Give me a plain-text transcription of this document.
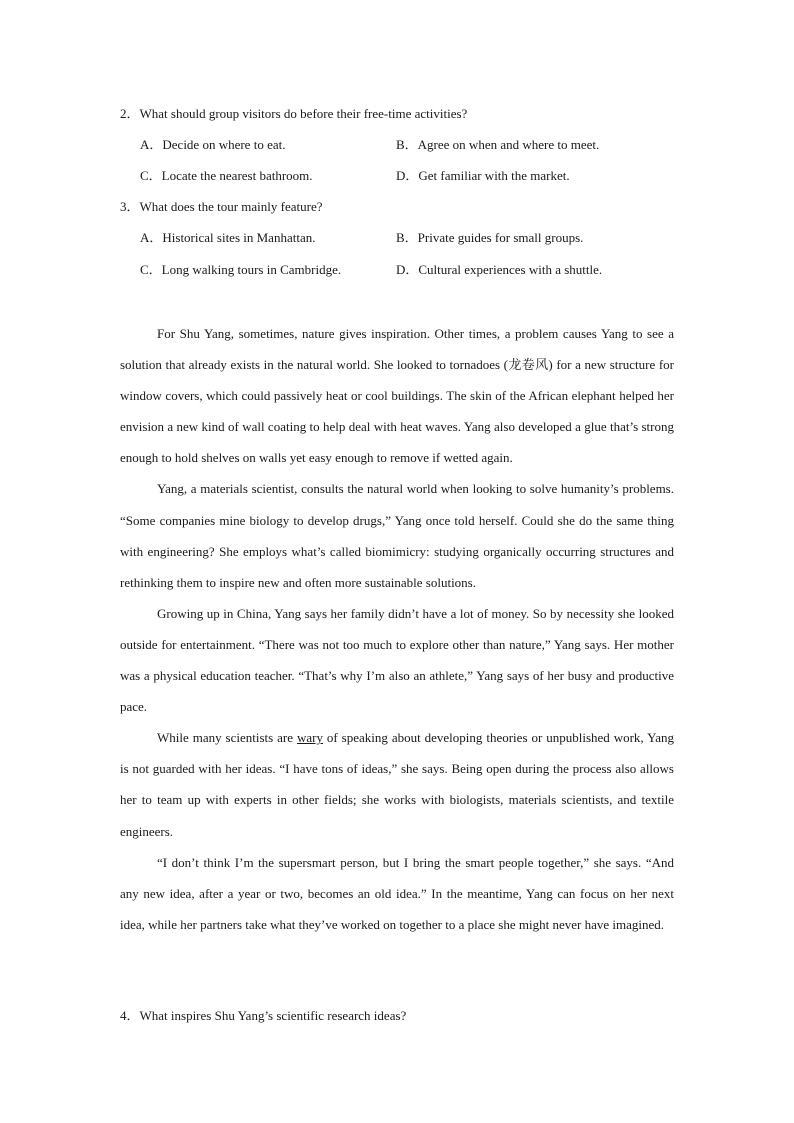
2．What should group visitors do before their free-time activities?
A．Decide on where to eat.	B．Agree on when and where to meet.
C．Locate the nearest bathroom.	D．Get familiar with the market.
3．What does the tour mainly feature?
A．Historical sites in Manhattan.	B．Private guides for small groups.
C．Long walking tours in Cambridge.	D．Cultural experiences with a shuttle.

For Shu Yang, sometimes, nature gives inspiration. Other times, a problem causes Yang to see a solution that already exists in the natural world. She looked to tornadoes (龙卷风) for a new structure for window covers, which could passively heat or cool buildings. The skin of the African elephant helped her envision a new kind of wall coating to help deal with heat waves. Yang also developed a glue that’s strong enough to hold shelves on walls yet easy enough to remove if wetted again.

Yang, a materials scientist, consults the natural world when looking to solve humanity’s problems. “Some companies mine biology to develop drugs,” Yang once told herself. Could she do the same thing with engineering? She employs what’s called biomimicry: studying organically occurring structures and rethinking them to inspire new and often more sustainable solutions.

Growing up in China, Yang says her family didn’t have a lot of money. So by necessity she looked outside for entertainment. “There was not too much to explore other than nature,” Yang says. Her mother was a physical education teacher. “That’s why I’m also an athlete,” Yang says of her busy and productive pace.

While many scientists are wary of speaking about developing theories or unpublished work, Yang is not guarded with her ideas. “I have tons of ideas,” she says. Being open during the process also allows her to team up with experts in other fields; she works with biologists, materials scientists, and textile engineers.

“I don’t think I’m the supersmart person, but I bring the smart people together,” she says. “And any new idea, after a year or two, becomes an old idea.” In the meantime, Yang can focus on her next idea, while her partners take what they’ve worked on together to a place she might never have imagined.

4．What inspires Shu Yang’s scientific research ideas?
